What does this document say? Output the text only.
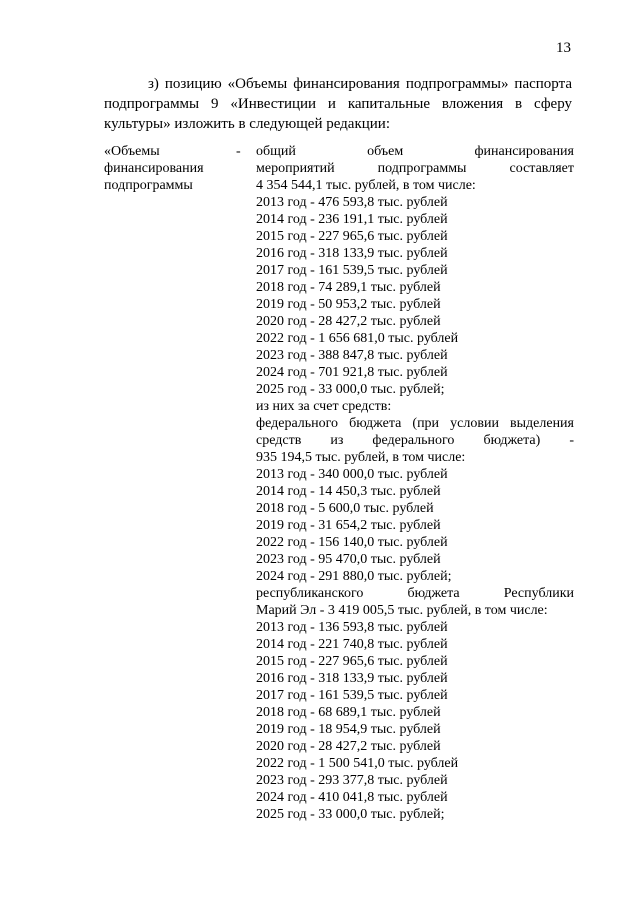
13

з) позицию «Объемы финансирования подпрограммы» паспорта подпрограммы 9 «Инвестиции и капитальные вложения в сферу культуры» изложить в следующей редакции:

«Объемы
финансирования
подпрограммы
- общий объем финансирования
мероприятий подпрограммы составляет
4 354 544,1 тыс. рублей, в том числе:
2013 год - 476 593,8 тыс. рублей
2014 год - 236 191,1 тыс. рублей
2015 год - 227 965,6 тыс. рублей
2016 год - 318 133,9 тыс. рублей
2017 год - 161 539,5 тыс. рублей
2018 год - 74 289,1 тыс. рублей
2019 год - 50 953,2 тыс. рублей
2020 год - 28 427,2 тыс. рублей
2022 год - 1 656 681,0 тыс. рублей
2023 год - 388 847,8 тыс. рублей
2024 год - 701 921,8 тыс. рублей
2025 год - 33 000,0 тыс. рублей;
из них за счет средств:
федерального бюджета (при условии выделения
средств из федерального бюджета) -
935 194,5 тыс. рублей, в том числе:
2013 год - 340 000,0 тыс. рублей
2014 год - 14 450,3 тыс. рублей
2018 год - 5 600,0 тыс. рублей
2019 год - 31 654,2 тыс. рублей
2022 год - 156 140,0 тыс. рублей
2023 год - 95 470,0 тыс. рублей
2024 год - 291 880,0 тыс. рублей;
республиканского бюджета Республики
Марий Эл - 3 419 005,5 тыс. рублей, в том числе:
2013 год - 136 593,8 тыс. рублей
2014 год - 221 740,8 тыс. рублей
2015 год - 227 965,6 тыс. рублей
2016 год - 318 133,9 тыс. рублей
2017 год - 161 539,5 тыс. рублей
2018 год - 68 689,1 тыс. рублей
2019 год - 18 954,9 тыс. рублей
2020 год - 28 427,2 тыс. рублей
2022 год - 1 500 541,0 тыс. рублей
2023 год - 293 377,8 тыс. рублей
2024 год - 410 041,8 тыс. рублей
2025 год - 33 000,0 тыс. рублей;
